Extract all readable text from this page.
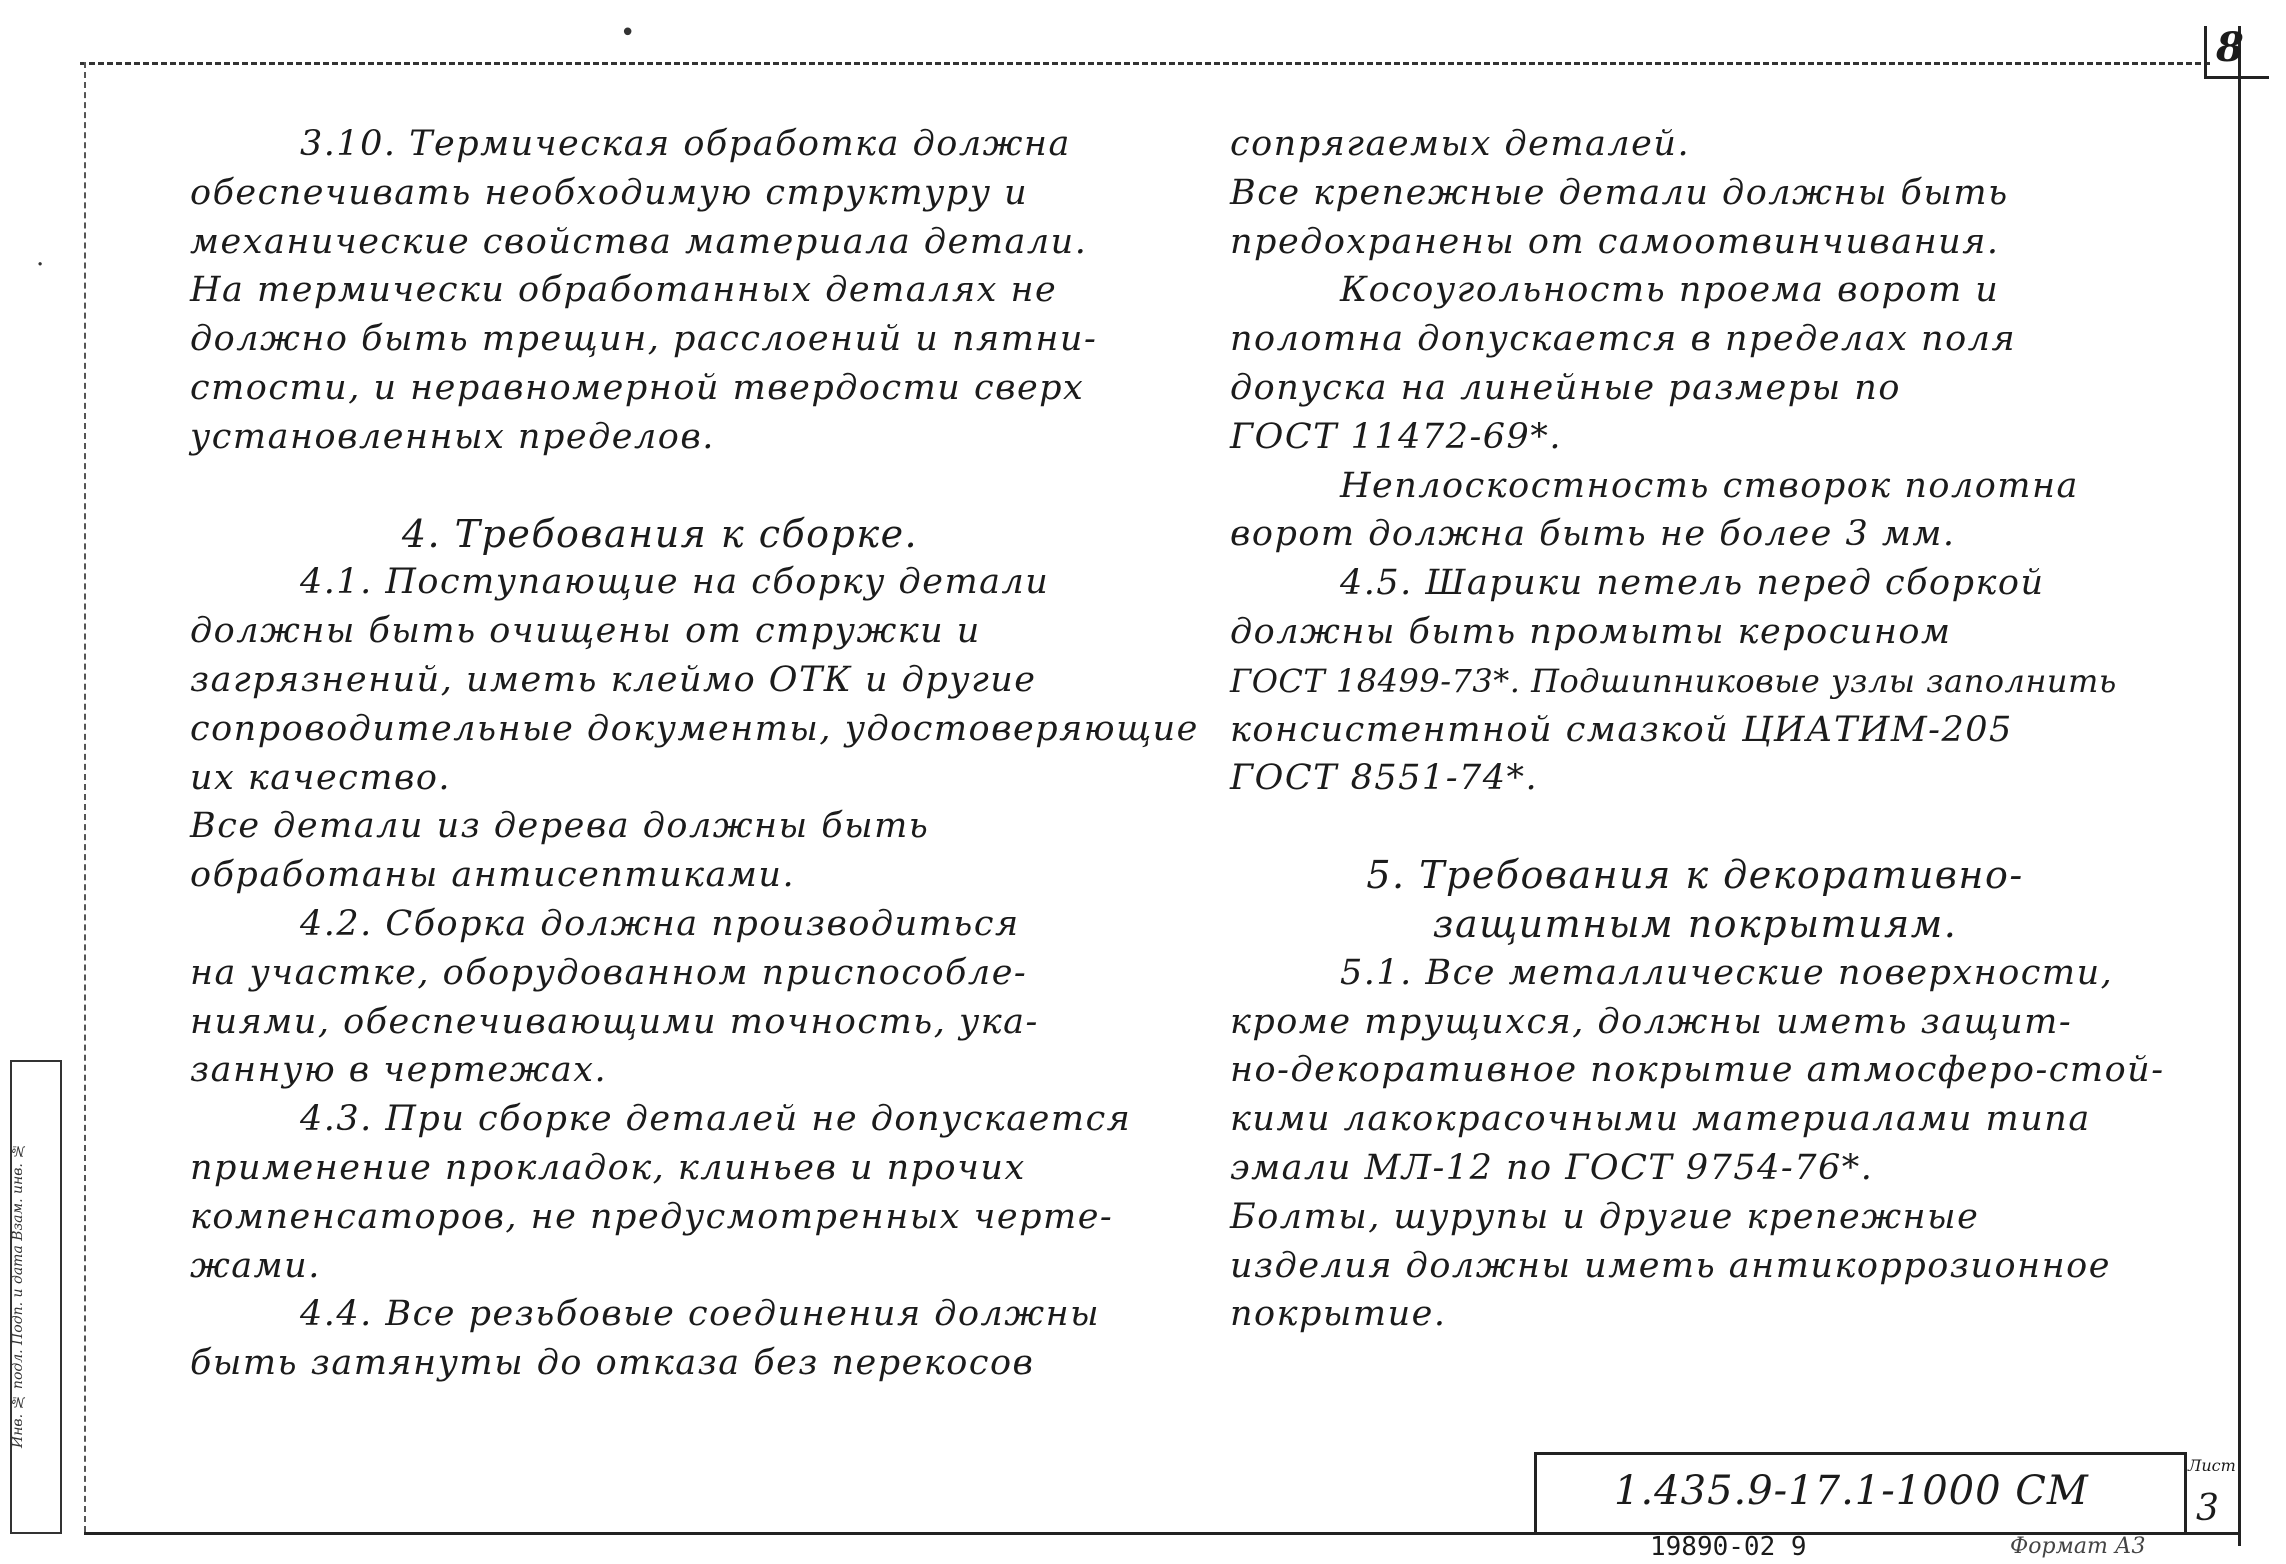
8
Инв. № подл. Подп. и дата Взам. инв. №
•
·

3.10. Термическая обработка должна

обеспечивать необходимую структуру и

механические свойства материала детали.

На термически обработанных деталях не

должно быть трещин, расслоений и пятни-

стости, и неравномерной твердости сверх

установленных пределов.

4. Требования к сборке.

4.1. Поступающие на сборку детали

должны быть очищены от стружки и

загрязнений, иметь клеймо ОТК и другие

сопроводительные документы, удостоверяющие

их качество.

Все детали из дерева должны быть

обработаны антисептиками.

4.2. Сборка должна производиться

на участке, оборудованном приспособле-

ниями, обеспечивающими точность, ука-

занную в чертежах.

4.3. При сборке деталей не допускается

применение прокладок, клиньев и прочих

компенсаторов, не предусмотренных черте-

жами.

4.4. Все резьбовые соединения должны

быть затянуты до отказа без перекосов

сопрягаемых деталей.

Все крепежные детали должны быть

предохранены от самоотвинчивания.

Косоугольность проема ворот и

полотна допускается в пределах поля

допуска на линейные размеры по

ГОСТ 11472-69*.

Неплоскостность створок полотна

ворот должна быть не более 3 мм.

4.5. Шарики петель перед сборкой

должны быть промыты керосином

ГОСТ 18499-73*. Подшипниковые узлы заполнить

консистентной смазкой ЦИАТИМ-205

ГОСТ 8551-74*.

5. Требования к декоративно-

защитным покрытиям.

5.1. Все металлические поверхности,

кроме трущихся, должны иметь защит-

но-декоративное покрытие атмосферо-стой-

кими лакокрасочными материалами типа

эмали МЛ-12 по ГОСТ 9754-76*.

Болты, шурупы и другие крепежные

изделия должны иметь антикоррозионное

покрытие.

1.435.9-17.1-1000 СМ
Лист
3
19890-02 9	Формат А3
